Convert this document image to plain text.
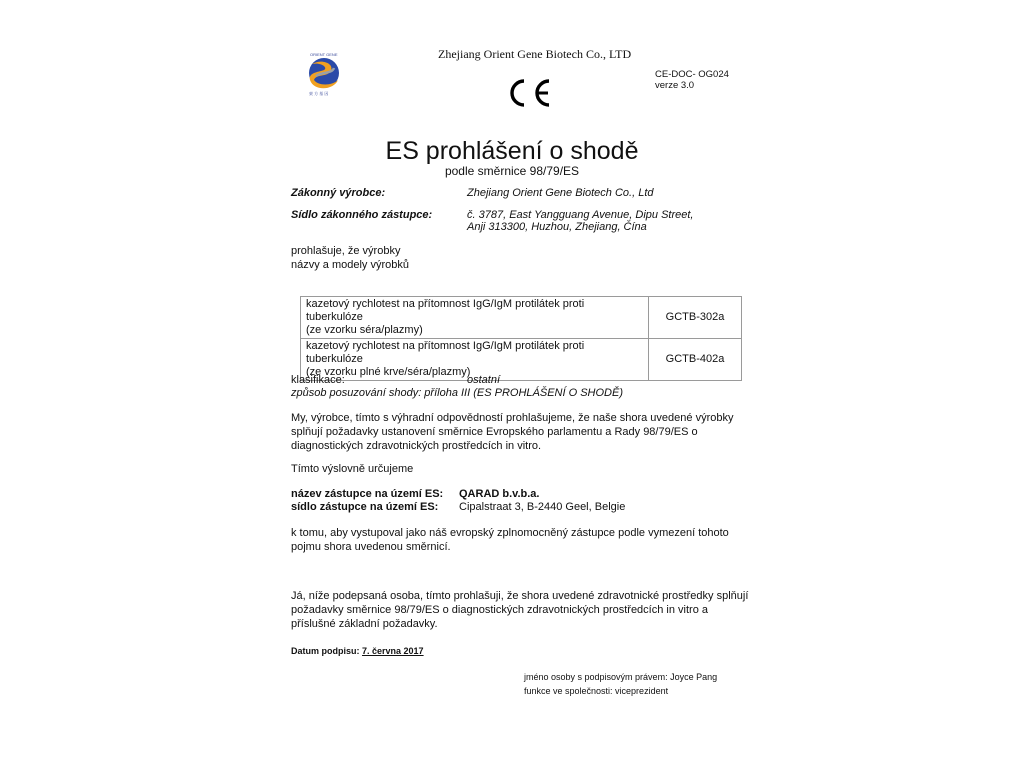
ORIENT GENE
東 方 基 因
Zhejiang Orient Gene Biotech Co., LTD
CE-DOC- OG024
verze 3.0
ES prohlášení o shodě
podle směrnice 98/79/ES
Zákonný výrobce:	Zhejiang Orient Gene Biotech Co., Ltd
Sídlo zákonného zástupce:	č. 3787, East Yangguang Avenue, Dipu Street,
Anji 313300, Huzhou, Zhejiang, Čína
prohlašuje, že výrobky
názvy a modely výrobků
kazetový rychlotest na přítomnost IgG/IgM protilátek proti tuberkulóze
(ze vzorku séra/plazmy)	GCTB-302a

kazetový rychlotest na přítomnost IgG/IgM protilátek proti tuberkulóze
(ze vzorku plné krve/séra/plazmy)	GCTB-402a
klasifikace:	ostatní
způsob posuzování shody: příloha III (ES PROHLÁŠENÍ O SHODĚ)
My, výrobce, tímto s výhradní odpovědností prohlašujeme, že naše shora uvedené výrobky
splňují požadavky ustanovení směrnice Evropského parlamentu a Rady 98/79/ES o
diagnostických zdravotnických prostředcích in vitro.
Tímto výslovně určujeme
název zástupce na území ES: QARAD b.v.b.a.
sídlo zástupce na území ES: Cipalstraat 3, B-2440 Geel, Belgie
k tomu, aby vystupoval jako náš evropský zplnomocněný zástupce podle vymezení tohoto
pojmu shora uvedenou směrnicí.
Já, níže podepsaná osoba, tímto prohlašuji, že shora uvedené zdravotnické prostředky splňují
požadavky směrnice 98/79/ES o diagnostických zdravotnických prostředcích in vitro a
příslušné základní požadavky.
Datum podpisu: 7. června 2017
jméno osoby s podpisovým právem: Joyce Pang
funkce ve společnosti: viceprezident
